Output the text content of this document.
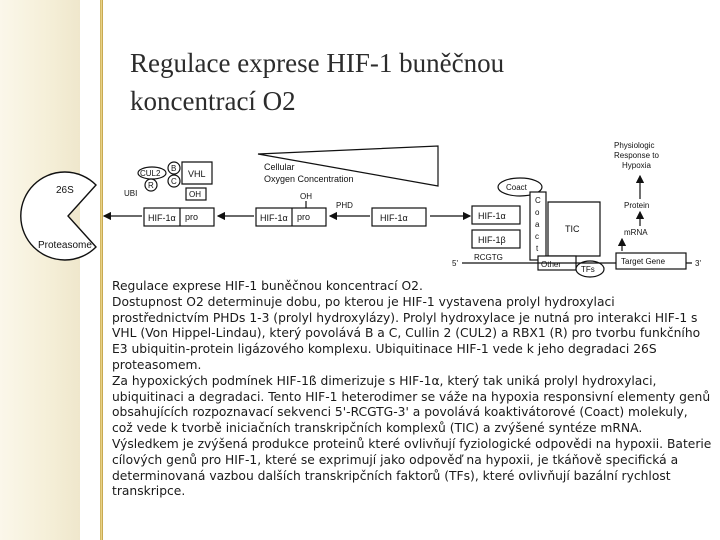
Regulace exprese HIF-1 buněčnou
koncentrací O2
26S
Proteasome
CUL2
B
C
R
VHL
OH
UBI
HIF-1α pro
Cellular
Oxygen Concentration
OH
HIF-1α pro
PHD
HIF-1α
Coact
HIF-1α
HIF-1β
C
o
a
c
t
TIC
Other
TFs
5'
RCGTG	Target Gene	3'
mRNA
Protein
Physiologic
Response to
Hypoxia

Regulace exprese HIF-1 buněčnou koncentrací O2.

Dostupnost O2 determinuje dobu, po kterou je HIF-1 vystavena prolyl hydroxylaci prostřednictvím PHDs 1-3 (prolyl hydroxylázy). Prolyl hydroxylace je nutná pro interakci HIF-1 s VHL (Von Hippel-Lindau), který povolává B a C, Cullin 2 (CUL2) a RBX1 (R) pro tvorbu funkčního E3 ubiquitin-protein ligázového komplexu. Ubiquitinace HIF-1 vede k jeho degradaci 26S proteasomem.

Za hypoxických podmínek HIF-1ß dimerizuje s HIF-1α, který tak uniká prolyl hydroxylaci, ubiquitinaci a degradaci. Tento HIF-1 heterodimer se váže na hypoxia responsivní elementy genů obsahujících rozpoznavací sekvenci 5'-RCGTG-3' a povolává koaktivátorové (Coact) molekuly, což vede k tvorbě iniciačních transkripčních komplexů (TIC) a zvýšené syntéze mRNA. Výsledkem je zvýšená produkce proteinů které ovlivňují fyziologické odpovědi na hypoxii. Baterie cílových genů pro HIF-1, které se exprimují jako odpověď na hypoxii, je tkáňově specifická a determinovaná vazbou dalších transkripčních faktorů (TFs), které ovlivňují bazální rychlost transkripce.
